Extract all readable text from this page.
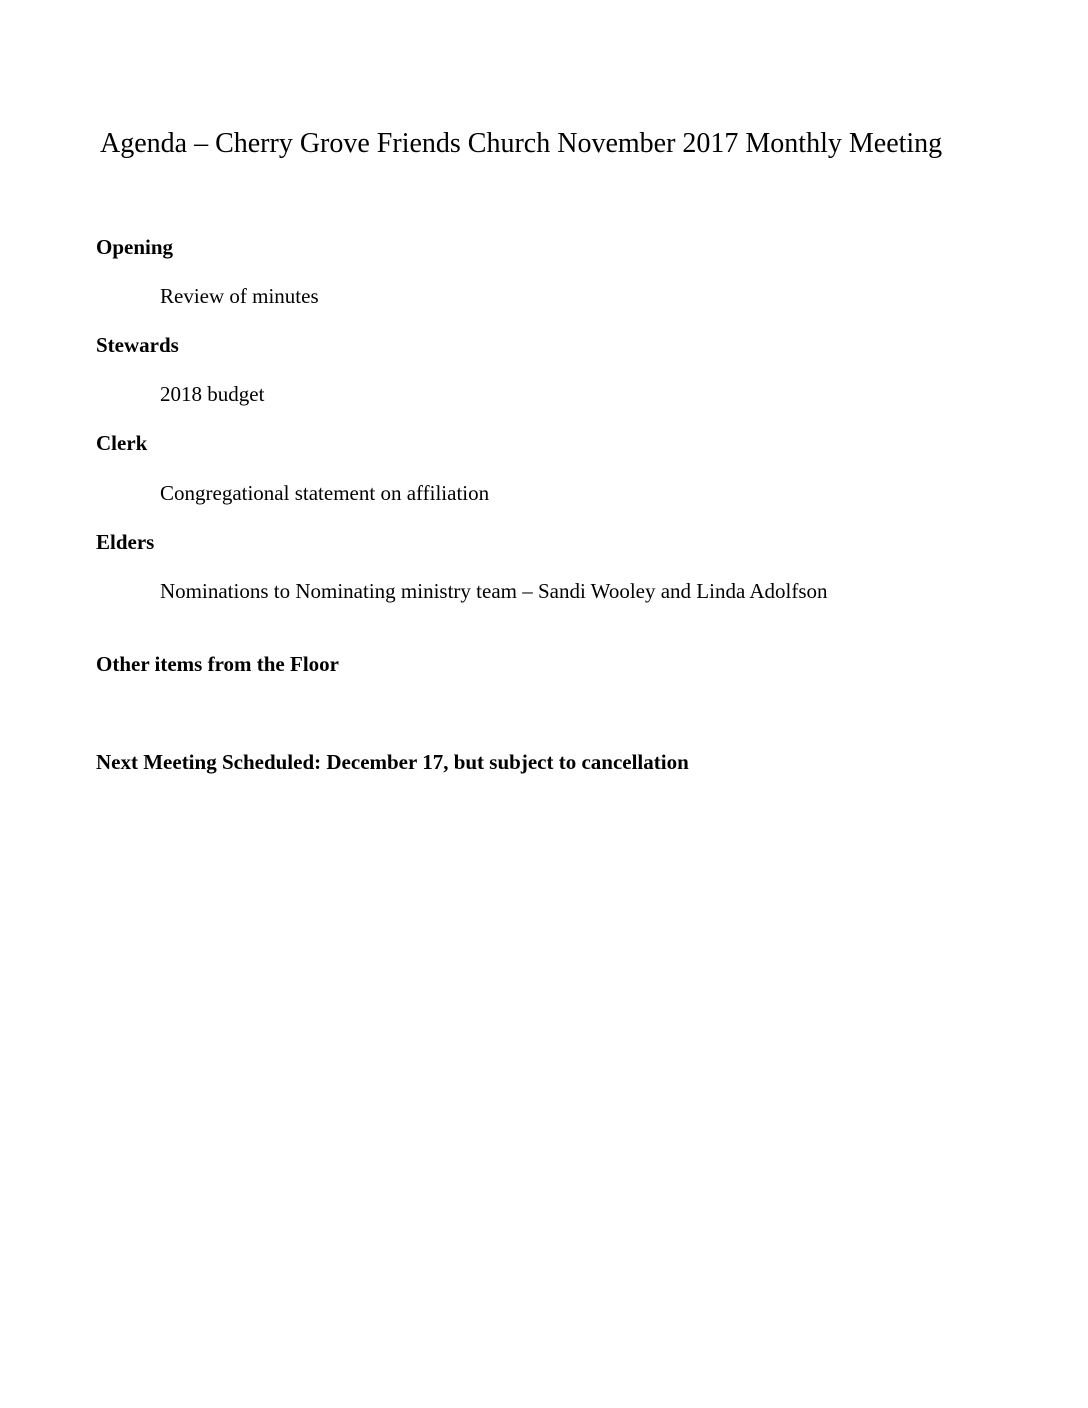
Agenda – Cherry Grove Friends Church November 2017 Monthly Meeting
Opening
Review of minutes
Stewards
2018 budget
Clerk
Congregational statement on affiliation
Elders
Nominations to Nominating ministry team – Sandi Wooley and Linda Adolfson
Other items from the Floor
Next Meeting Scheduled: December 17, but subject to cancellation
